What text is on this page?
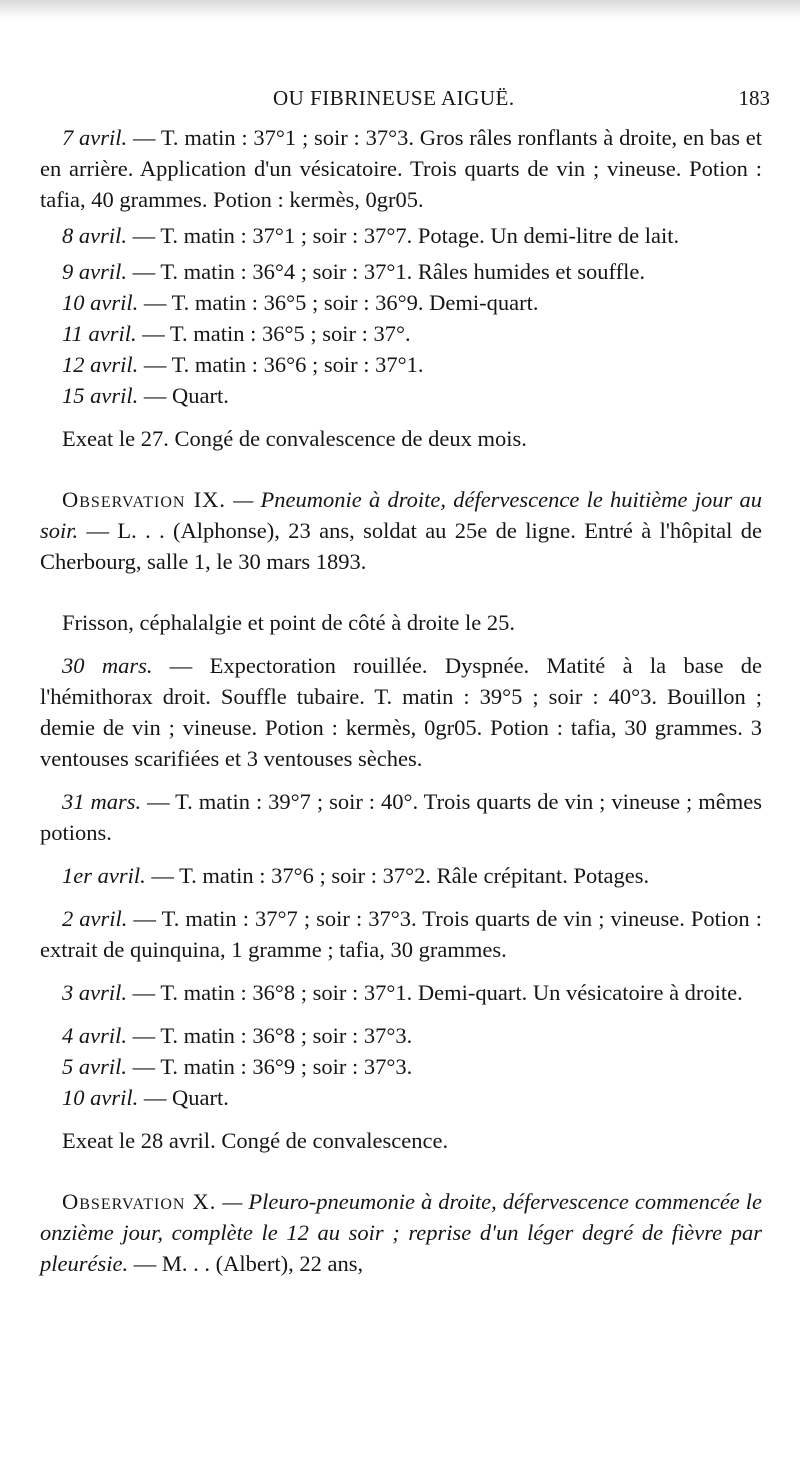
OU FIBRINEUSE AIGUË.	183

7 avril. — T. matin : 37°1 ; soir : 37°3. Gros râles ronflants à droite, en bas et en arrière. Application d'un vésicatoire. Trois quarts de vin ; vineuse. Potion : tafia, 40 grammes. Potion : kermès, 0gr05.

8 avril. — T. matin : 37°1 ; soir : 37°7. Potage. Un demi-litre de lait.

9 avril. — T. matin : 36°4 ; soir : 37°1. Râles humides et souffle.

10 avril. — T. matin : 36°5 ; soir : 36°9. Demi-quart.

11 avril. — T. matin : 36°5 ; soir : 37°.

12 avril. — T. matin : 36°6 ; soir : 37°1.

15 avril. — Quart.

Exeat le 27. Congé de convalescence de deux mois.

Observation IX. — Pneumonie à droite, défervescence le huitième jour au soir. — L. . . (Alphonse), 23 ans, soldat au 25e de ligne. Entré à l'hôpital de Cherbourg, salle 1, le 30 mars 1893.

Frisson, céphalalgie et point de côté à droite le 25.

30 mars. — Expectoration rouillée. Dyspnée. Matité à la base de l'hémithorax droit. Souffle tubaire. T. matin : 39°5 ; soir : 40°3. Bouillon ; demie de vin ; vineuse. Potion : kermès, 0gr05. Potion : tafia, 30 grammes. 3 ventouses scarifiées et 3 ventouses sèches.

31 mars. — T. matin : 39°7 ; soir : 40°. Trois quarts de vin ; vineuse ; mêmes potions.

1er avril. — T. matin : 37°6 ; soir : 37°2. Râle crépitant. Potages.

2 avril. — T. matin : 37°7 ; soir : 37°3. Trois quarts de vin ; vineuse. Potion : extrait de quinquina, 1 gramme ; tafia, 30 grammes.

3 avril. — T. matin : 36°8 ; soir : 37°1. Demi-quart. Un vésicatoire à droite.

4 avril. — T. matin : 36°8 ; soir : 37°3.

5 avril. — T. matin : 36°9 ; soir : 37°3.

10 avril. — Quart.

Exeat le 28 avril. Congé de convalescence.

Observation X. — Pleuro-pneumonie à droite, défervescence commencée le onzième jour, complète le 12 au soir ; reprise d'un léger degré de fièvre par pleurésie. — M. . . (Albert), 22 ans,
